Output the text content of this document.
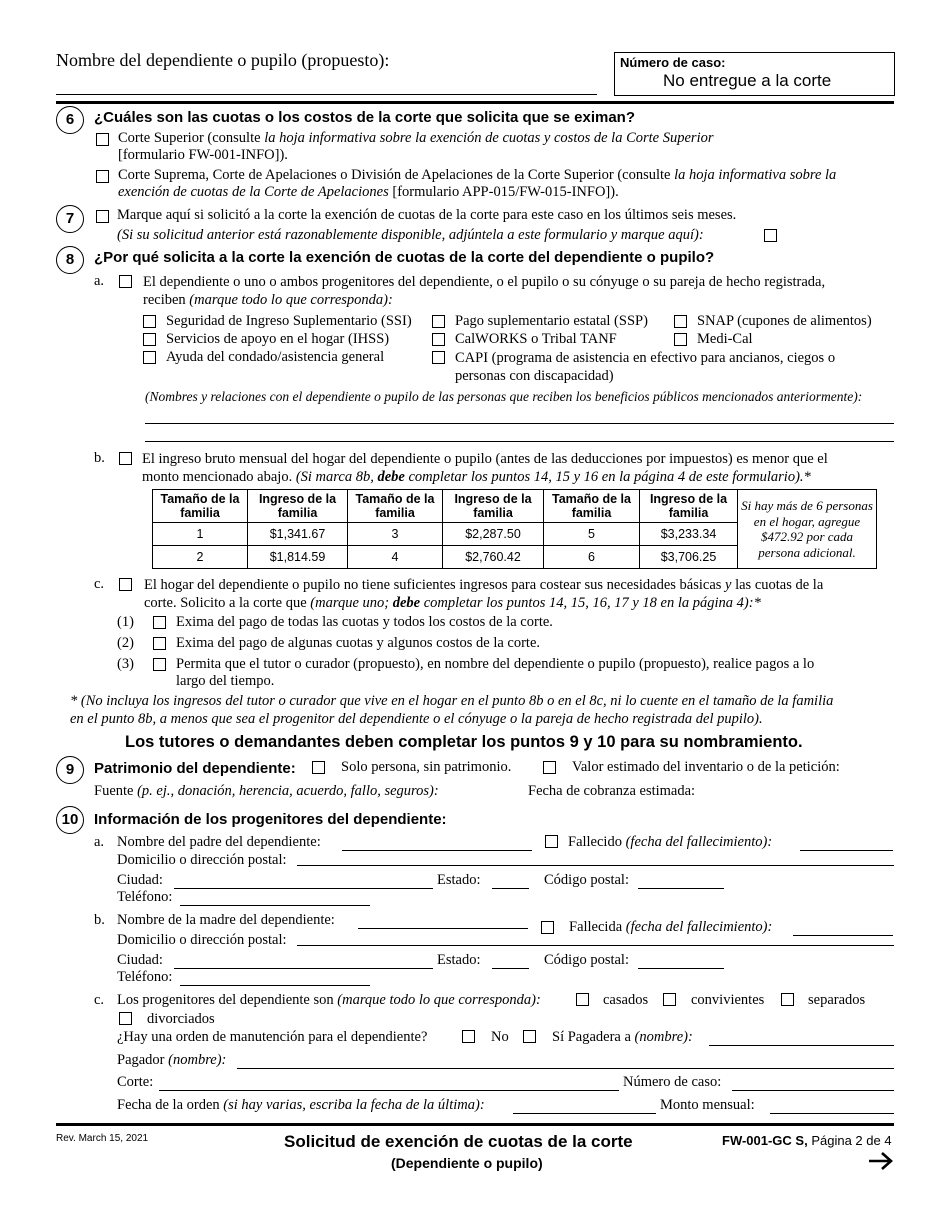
Nombre del dependiente o pupilo (propuesto):	Número de caso:
No entregue a la corte
6	¿Cuáles son las cuotas o los costos de la corte que solicita que se eximan?
Corte Superior (consulte la hoja informativa sobre la exención de cuotas y costos de la Corte Superior
[formulario FW-001-INFO]).
Corte Suprema, Corte de Apelaciones o División de Apelaciones de la Corte Superior (consulte la hoja informativa sobre la
exención de cuotas de la Corte de Apelaciones [formulario APP-015/FW-015-INFO]).
7	Marque aquí si solicitó a la corte la exención de cuotas de la corte para este caso en los últimos seis meses.
(Si su solicitud anterior está razonablemente disponible, adjúntela a este formulario y marque aquí):
8	¿Por qué solicita a la corte la exención de cuotas de la corte del dependiente o pupilo?
a.	El dependiente o uno o ambos progenitores del dependiente, o el pupilo o su cónyuge o su pareja de hecho registrada,
reciben (marque todo lo que corresponda):
Seguridad de Ingreso Suplementario (SSI)	Pago suplementario estatal (SSP)	SNAP (cupones de alimentos)
Servicios de apoyo en el hogar (IHSS)	CalWORKS o Tribal TANF	Medi-Cal
Ayuda del condado/asistencia general	CAPI (programa de asistencia en efectivo para ancianos, ciegos o
personas con discapacidad)
(Nombres y relaciones con el dependiente o pupilo de las personas que reciben los beneficios públicos mencionados anteriormente):
b.	El ingreso bruto mensual del hogar del dependiente o pupilo (antes de las deducciones por impuestos) es menor que el
monto mencionado abajo. (Si marca 8b, debe completar los puntos 14, 15 y 16 en la página 4 de este formulario).*
Tamaño de la familia	Ingreso de la familia	Tamaño de la familia	Ingreso de la familia	Tamaño de la familia	Ingreso de la familia	Si hay más de 6 personas en el hogar, agregue $472.92 por cada persona adicional.
1	$1,341.67	3	$2,287.50	5	$3,233.34	
2	$1,814.59	4	$2,760.42	6	$3,706.25	
c.	El hogar del dependiente o pupilo no tiene suficientes ingresos para costear sus necesidades básicas y las cuotas de la
corte. Solicito a la corte que (marque uno; debe completar los puntos 14, 15, 16, 17 y 18 en la página 4):*
(1)	Exima del pago de todas las cuotas y todos los costos de la corte.
(2)	Exima del pago de algunas cuotas y algunos costos de la corte.
(3)	Permita que el tutor o curador (propuesto), en nombre del dependiente o pupilo (propuesto), realice pagos a lo
largo del tiempo.
* (No incluya los ingresos del tutor o curador que vive en el hogar en el punto 8b o en el 8c, ni lo cuente en el tamaño de la familia
en el punto 8b, a menos que sea el progenitor del dependiente o el cónyuge o la pareja de hecho registrada del pupilo).
Los tutores o demandantes deben completar los puntos 9 y 10 para su nombramiento.
9	Patrimonio del dependiente:	Solo persona, sin patrimonio.	Valor estimado del inventario o de la petición:
Fuente (p. ej., donación, herencia, acuerdo, fallo, seguros):	Fecha de cobranza estimada:
10	Información de los progenitores del dependiente:
a. Nombre del padre del dependiente:	Fallecido (fecha del fallecimiento):
Domicilio o dirección postal:
Ciudad:	Estado:	Código postal:
Teléfono:
b. Nombre de la madre del dependiente:	Fallecida (fecha del fallecimiento):
Domicilio o dirección postal:
Ciudad:	Estado:	Código postal:
Teléfono:
c. Los progenitores del dependiente son (marque todo lo que corresponda):	casados	convivientes	separados
divorciados
¿Hay una orden de manutención para el dependiente?	No	Sí Pagadera a (nombre):
Pagador (nombre):
Corte:	Número de caso:
Fecha de la orden (si hay varias, escriba la fecha de la última):	Monto mensual:
Rev. March 15, 2021	Solicitud de exención de cuotas de la corte
(Dependiente o pupilo)
FW-001-GC S, Página 2 de 4
